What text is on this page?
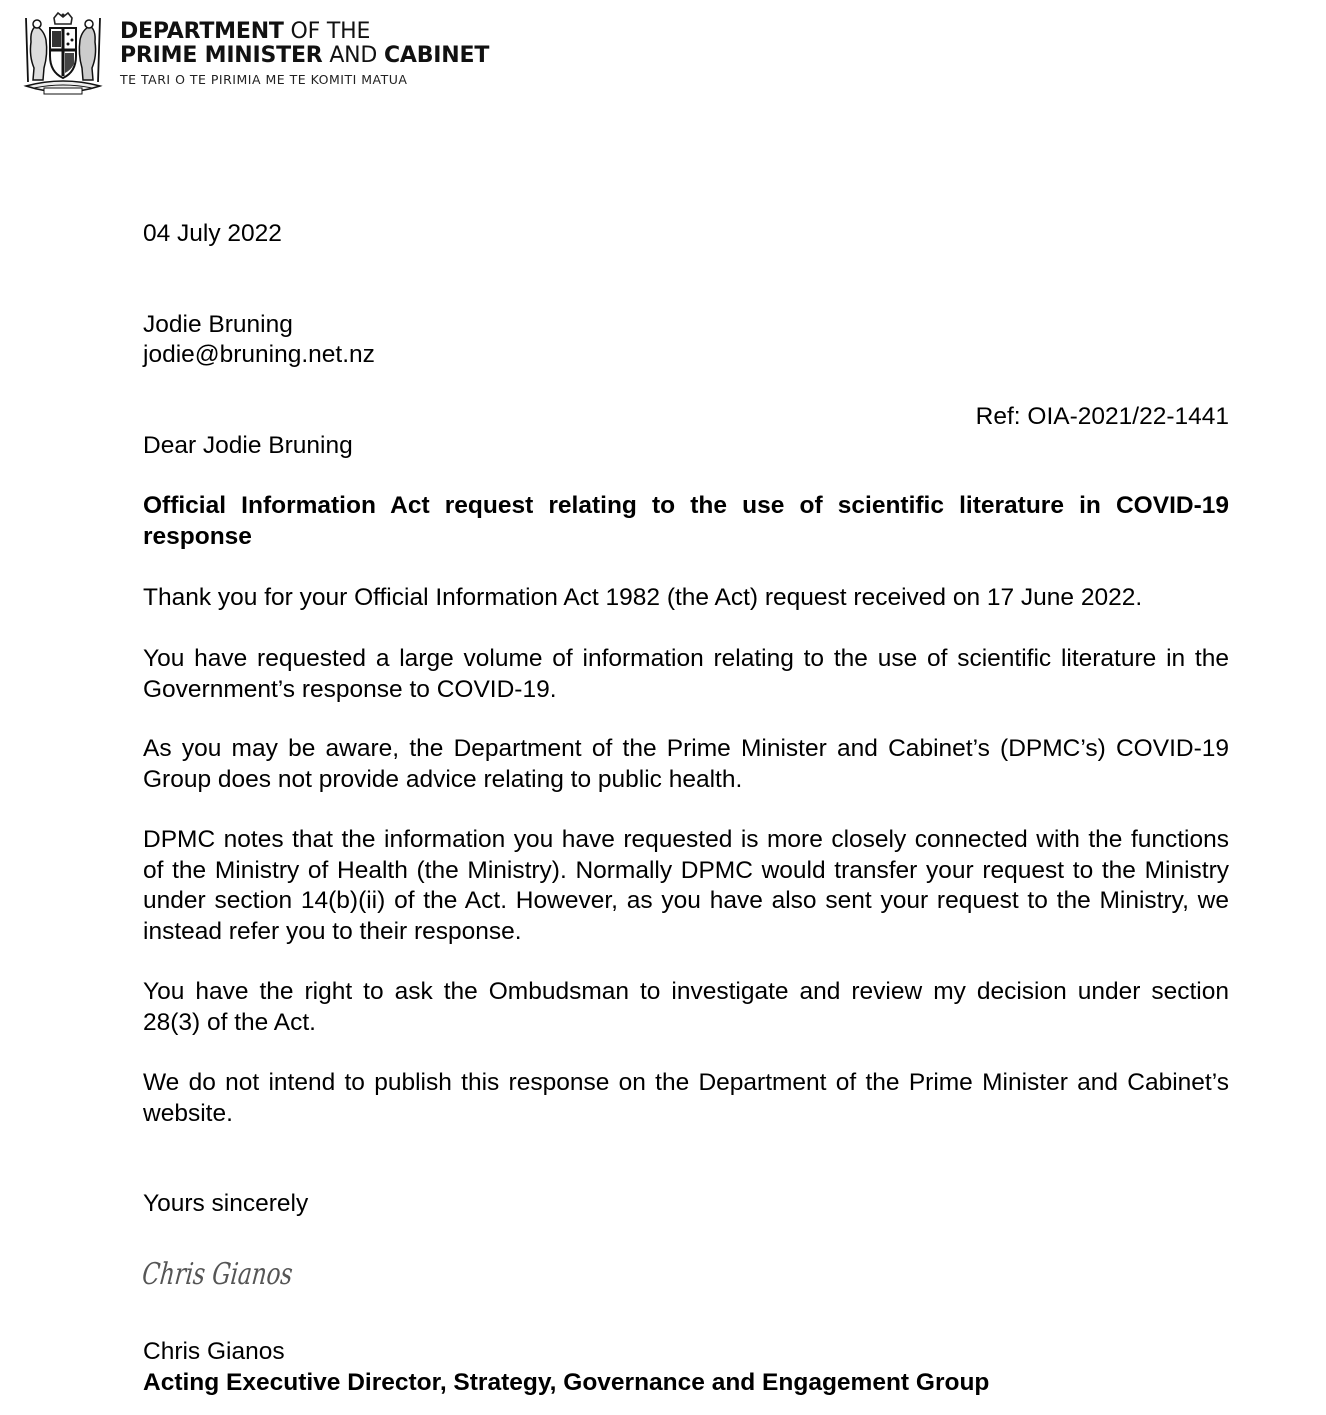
DEPARTMENT OF THE
PRIME MINISTER AND CABINET
TE TARI O TE PIRIMIA ME TE KOMITI MATUA

04 July 2022

Jodie Bruning

jodie@bruning.net.nz

Ref: OIA-2021/22-1441

Dear Jodie Bruning

Official Information Act request relating to the use of scientific literature in COVID-19 response

Thank you for your Official Information Act 1982 (the Act) request received on 17 June 2022.

You have requested a large volume of information relating to the use of scientific literature in the Government’s response to COVID-19.

As you may be aware, the Department of the Prime Minister and Cabinet’s (DPMC’s) COVID-19 Group does not provide advice relating to public health.

DPMC notes that the information you have requested is more closely connected with the functions of the Ministry of Health (the Ministry). Normally DPMC would transfer your request to the Ministry under section 14(b)(ii) of the Act. However, as you have also sent your request to the Ministry, we instead refer you to their response.

You have the right to ask the Ombudsman to investigate and review my decision under section 28(3) of the Act.

We do not intend to publish this response on the Department of the Prime Minister and Cabinet’s website.

Yours sincerely

Chris Gianos

Chris Gianos

Acting Executive Director, Strategy, Governance and Engagement Group
